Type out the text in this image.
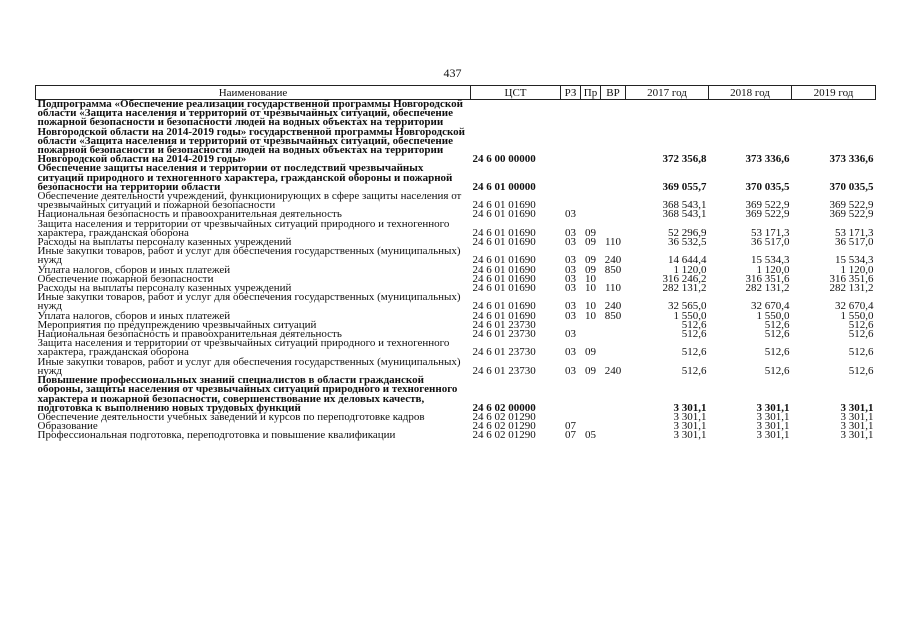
437
Наименование	ЦСТ	РЗ	Пр	ВР	2017 год	2018 год	2019 год
Подпрограмма «Обеспечение реализации государственной программы Новгородской области «Защита населения и территорий от чрезвычайных ситуаций, обеспечение пожарной безопасности и безопасности людей на водных объектах на территории Новгородской области на 2014-2019 годы» государственной программы Новгородской области «Защита населения и территорий от чрезвычайных ситуаций, обеспечение пожарной безопасности и безопасности людей на водных объектах на территории Новгородской области на 2014-2019 годы»	24 6 00 00000				372 356,8	373 336,6	373 336,6
Обеспечение защиты населения и территории от последствий чрезвычайных ситуаций природного и техногенного характера, гражданской обороны и пожарной безопасности на территории области	24 6 01 00000				369 055,7	370 035,5	370 035,5
Обеспечение деятельности учреждений, функционирующих в сфере защиты населения от чрезвычайных ситуаций и пожарной безопасности	24 6 01 01690				368 543,1	369 522,9	369 522,9
Национальная безопасность и правоохранительная деятельность	24 6 01 01690	03			368 543,1	369 522,9	369 522,9
Защита населения и территории от чрезвычайных ситуаций природного и техногенного характера, гражданская оборона	24 6 01 01690	03	09		52 296,9	53 171,3	53 171,3
Расходы на выплаты персоналу казенных учреждений	24 6 01 01690	03	09	110	36 532,5	36 517,0	36 517,0
Иные закупки товаров, работ и услуг для обеспечения государственных (муниципальных) нужд	24 6 01 01690	03	09	240	14 644,4	15 534,3	15 534,3
Уплата налогов, сборов и иных платежей	24 6 01 01690	03	09	850	1 120,0	1 120,0	1 120,0
Обеспечение пожарной безопасности	24 6 01 01690	03	10		316 246,2	316 351,6	316 351,6
Расходы на выплаты персоналу казенных учреждений	24 6 01 01690	03	10	110	282 131,2	282 131,2	282 131,2
Иные закупки товаров, работ и услуг для обеспечения государственных (муниципальных) нужд	24 6 01 01690	03	10	240	32 565,0	32 670,4	32 670,4
Уплата налогов, сборов и иных платежей	24 6 01 01690	03	10	850	1 550,0	1 550,0	1 550,0
Мероприятия по предупреждению чрезвычайных ситуаций	24 6 01 23730				512,6	512,6	512,6
Национальная безопасность и правоохранительная деятельность	24 6 01 23730	03			512,6	512,6	512,6
Защита населения и территории от чрезвычайных ситуаций природного и техногенного характера, гражданская оборона	24 6 01 23730	03	09		512,6	512,6	512,6
Иные закупки товаров, работ и услуг для обеспечения государственных (муниципальных) нужд	24 6 01 23730	03	09	240	512,6	512,6	512,6
Повышение профессиональных знаний специалистов в области гражданской обороны, защиты населения от чрезвычайных ситуаций природного и техногенного характера и пожарной безопасности, совершенствование их деловых качеств, подготовка к выполнению новых трудовых функций	24 6 02 00000				3 301,1	3 301,1	3 301,1
Обеспечение деятельности учебных заведений и курсов по переподготовке кадров	24 6 02 01290				3 301,1	3 301,1	3 301,1
Образование	24 6 02 01290	07			3 301,1	3 301,1	3 301,1
Профессиональная подготовка, переподготовка и повышение квалификации	24 6 02 01290	07	05		3 301,1	3 301,1	3 301,1
